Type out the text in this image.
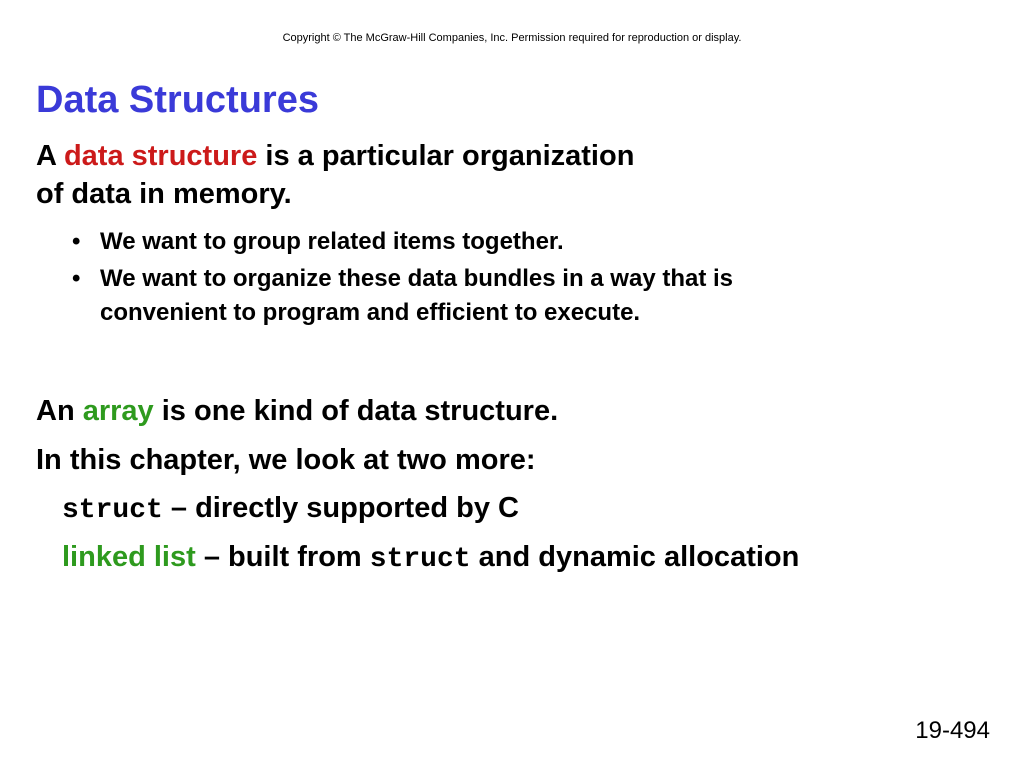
Copyright © The McGraw-Hill Companies, Inc. Permission required for reproduction or display.
Data Structures
A data structure is a particular organization
of data in memory.
• We want to group related items together.
• We want to organize these data bundles in a way that is
convenient to program and efficient to execute.
An array is one kind of data structure.
In this chapter, we look at two more:
struct – directly supported by C
linked list – built from struct and dynamic allocation
19-494
